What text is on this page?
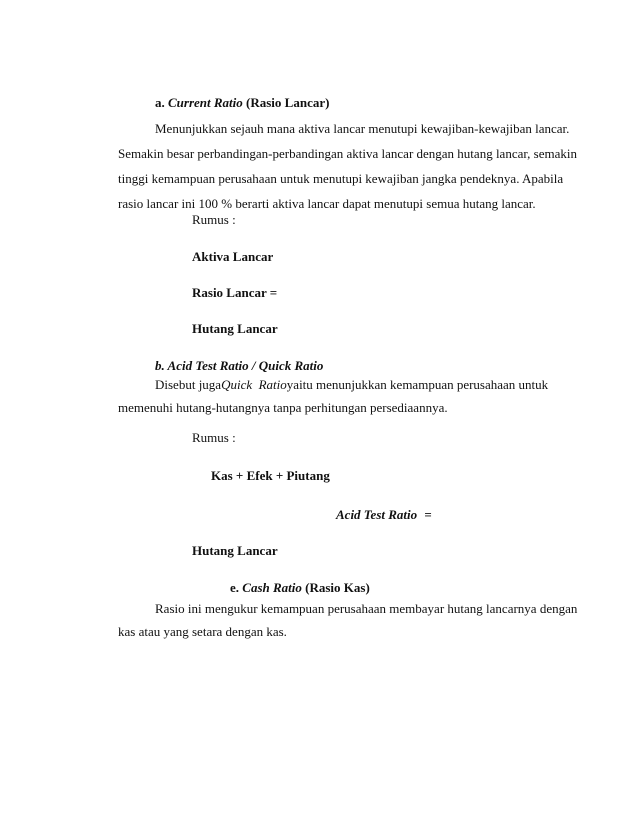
a. Current Ratio (Rasio Lancar)
Menunjukkan sejauh mana aktiva lancar menutupi kewajiban-kewajiban lancar.
Semakin besar perbandingan-perbandingan aktiva lancar dengan hutang lancar, semakin
tinggi kemampuan perusahaan untuk menutupi kewajiban jangka pendeknya. Apabila
rasio lancar ini 100 % berarti aktiva lancar dapat menutupi semua hutang lancar.
Rumus :
Aktiva Lancar
Rasio Lancar =
Hutang Lancar
b. Acid Test Ratio / Quick Ratio
Disebut juga Quick  Ratio yaitu menunjukkan kemampuan perusahaan untuk
memenuhi hutang-hutangnya tanpa perhitungan persediaannya.
Rumus :
Kas + Efek + Piutang
Acid Test Ratio =
Hutang Lancar
e. Cash Ratio (Rasio Kas)
Rasio ini mengukur kemampuan perusahaan membayar hutang lancarnya dengan
kas atau yang setara dengan kas.
